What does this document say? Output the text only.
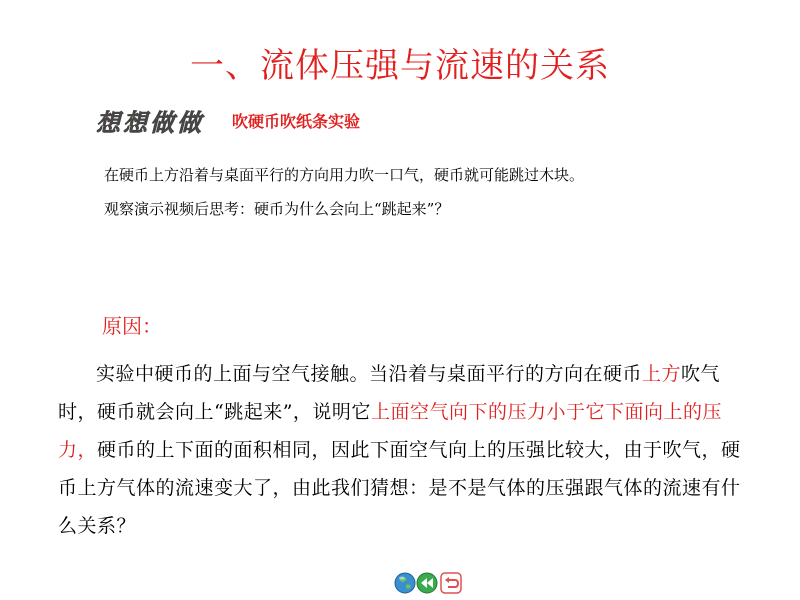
一、流体压强与流速的关系
想想做做 吹硬币吹纸条实验
在硬币上方沿着与桌面平行的方向用力吹一口气，硬币就可能跳过木块。
观察演示视频后思考：硬币为什么会向上“跳起来”？
原因：
实验中硬币的上面与空气接触。当沿着与桌面平行的方向在硬币上方吹气时，硬币就会向上“跳起来”，说明它上面空气向下的压力小于它下面向上的压力，硬币的上下面的面积相同，因此下面空气向上的压强比较大，由于吹气，硬币上方气体的流速变大了，由此我们猜想：是不是气体的压强跟气体的流速有什么关系？
